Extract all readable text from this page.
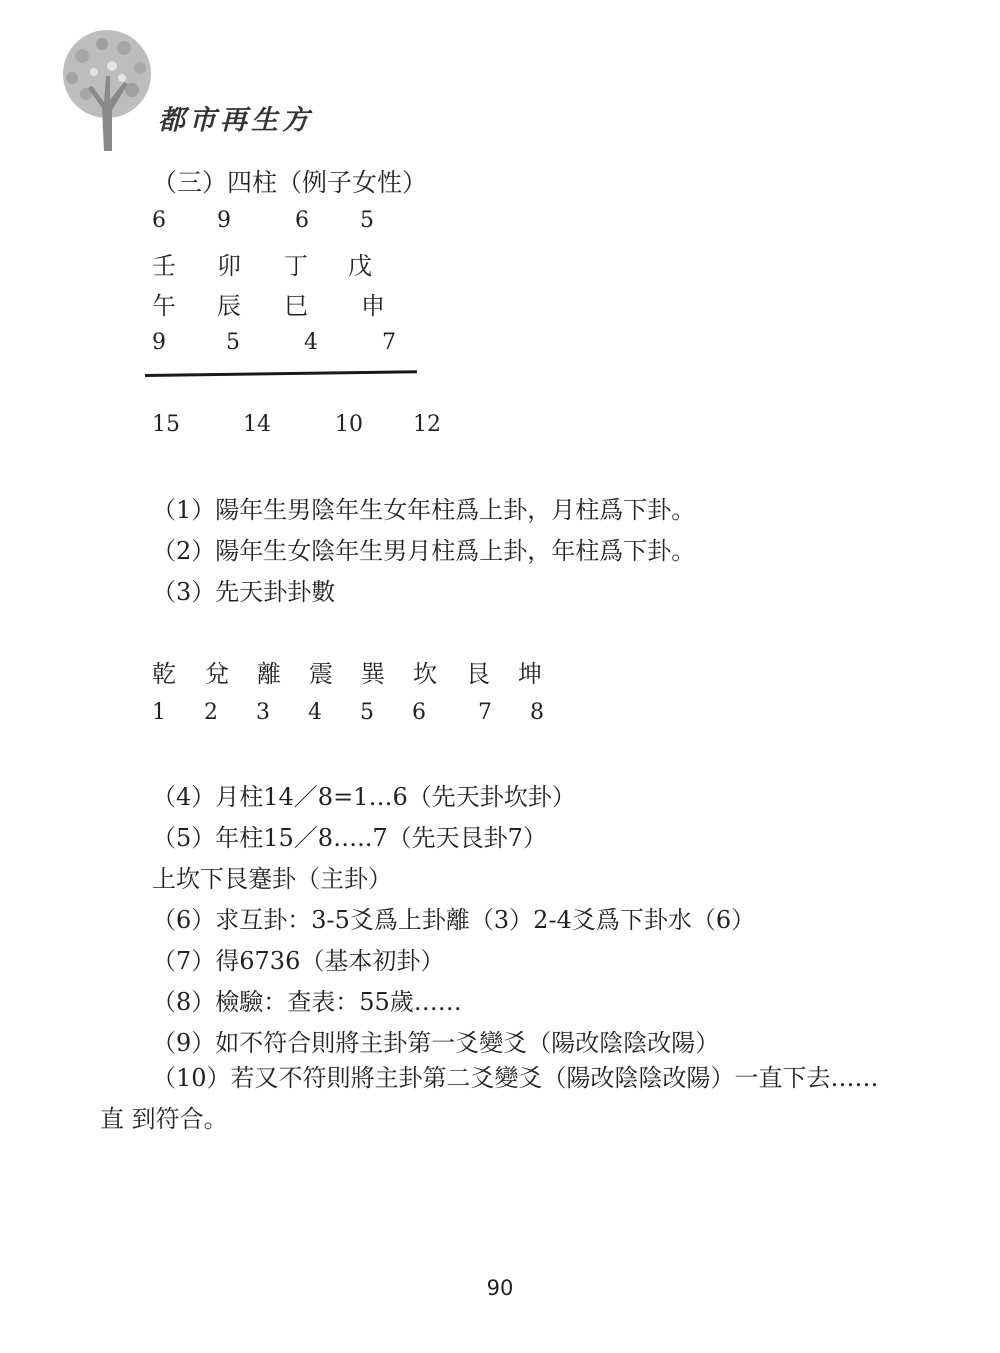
都市再生方
（三）四柱（例子女性）
6 9	6 5
壬 卯 丁 戊
午 辰 巳 申
9	5	4	7
15	14	10 12
（1）陽年生男陰年生女年柱爲上卦，月柱爲下卦。
（2）陽年生女陰年生男月柱爲上卦，年柱爲下卦。
（3）先天卦卦數
乾 兌 離 震 巽 坎 艮 坤
1 2 3 4 5 6 7 8
（4）月柱14／8=1…6（先天卦坎卦）
（5）年柱15／8…..7（先天艮卦7）
上坎下艮蹇卦（主卦）
（6）求互卦：3-5爻爲上卦離（3）2-4爻爲下卦水（6）
（7）得6736（基本初卦）
（8）檢驗：查表：55歲……
（9）如不符合則將主卦第一爻變爻（陽改陰陰改陽）
（10）若又不符則將主卦第二爻變爻（陽改陰陰改陽）一直下去……直 到符合。
90
